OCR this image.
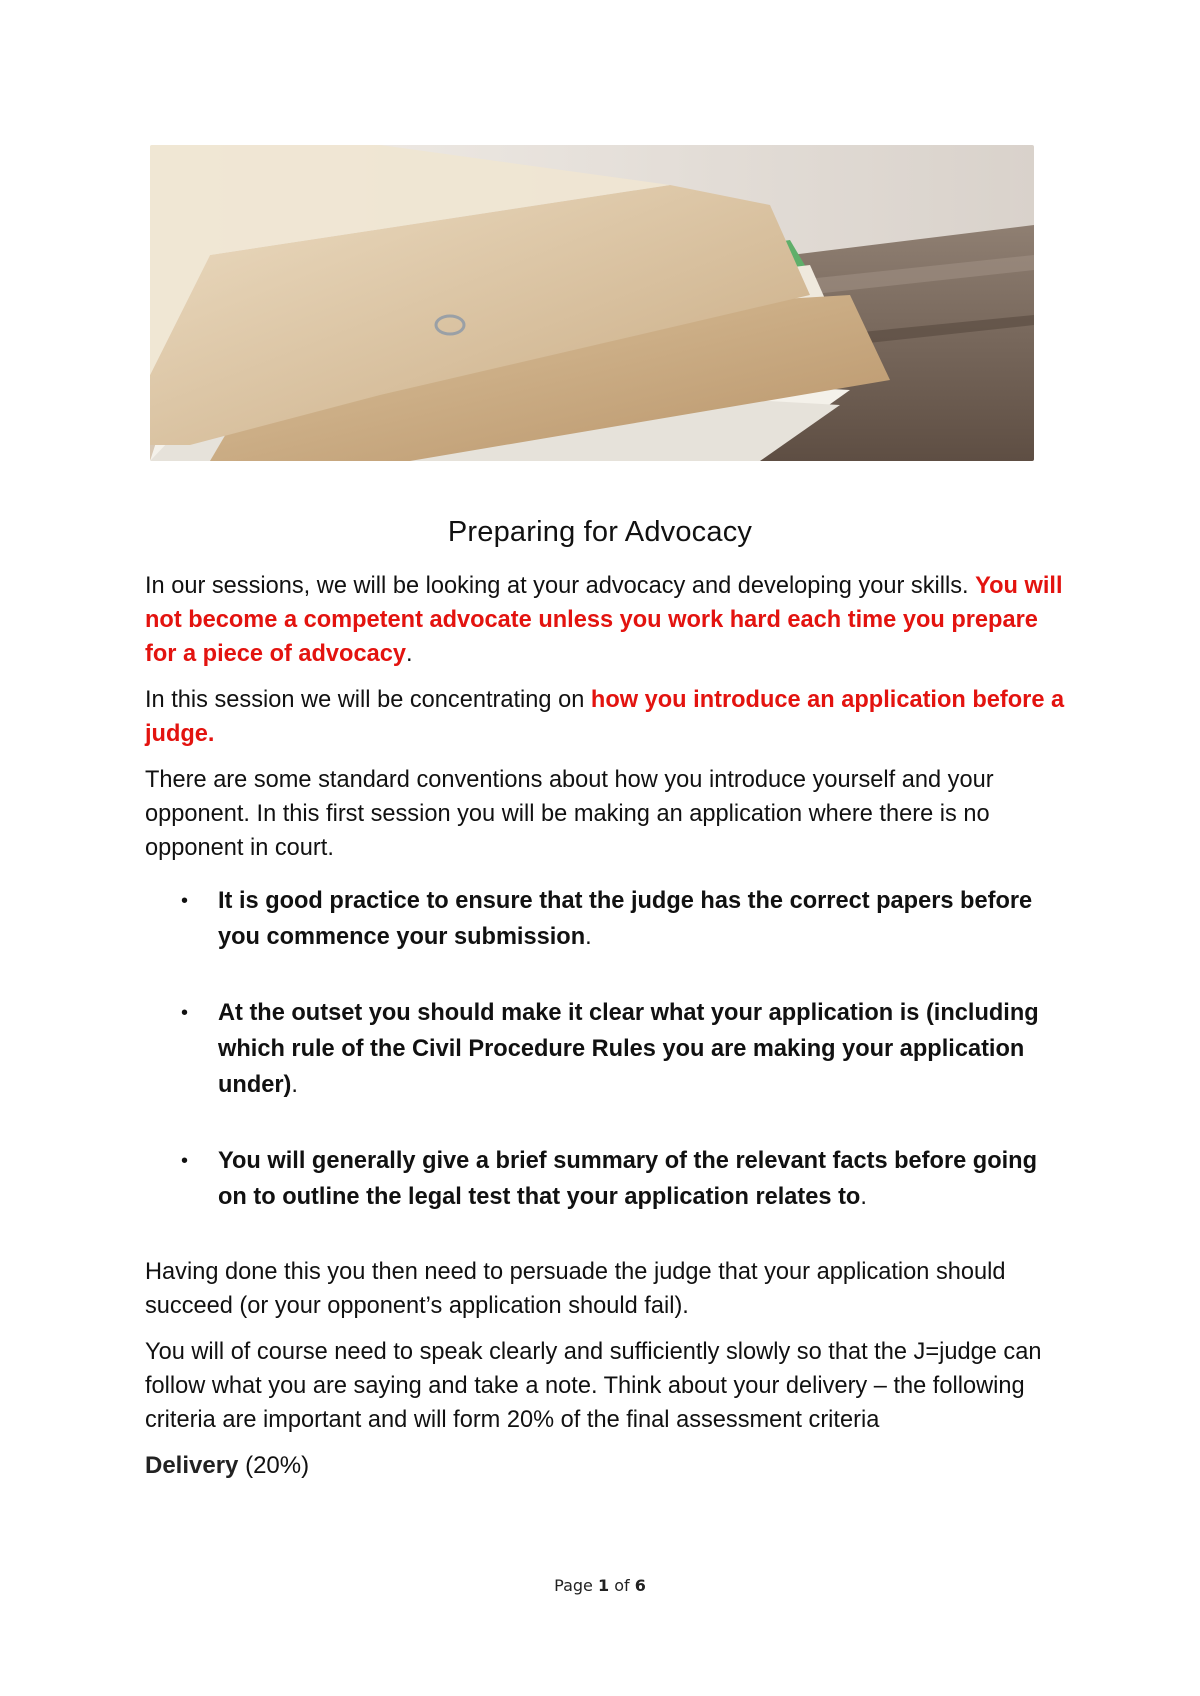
Preparing for Advocacy

In our sessions, we will be looking at your advocacy and developing your skills. You will not become a competent advocate unless you work hard each time you prepare for a piece of advocacy.

In this session we will be concentrating on how you introduce an application before a judge.

There are some standard conventions about how you introduce yourself and your opponent. In this first session you will be making an application where there is no opponent in court.

• It is good practice to ensure that the judge has the correct papers before you commence your submission.
• At the outset you should make it clear what your application is (including which rule of the Civil Procedure Rules you are making your application under).
• You will generally give a brief summary of the relevant facts before going on to outline the legal test that your application relates to.

Having done this you then need to persuade the judge that your application should succeed (or your opponent’s application should fail).

You will of course need to speak clearly and sufficiently slowly so that the J=judge can follow what you are saying and take a note. Think about your delivery – the following criteria are important and will form 20% of the final assessment criteria

Delivery (20%)

Page 1 of 6
